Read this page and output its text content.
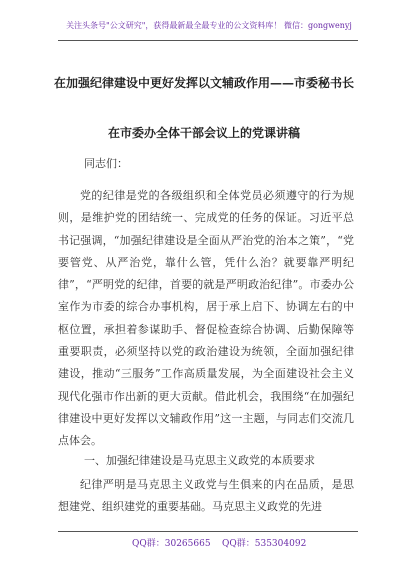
关注头条号"公文研究"，获得最新最全最专业的公文资料库！ 微信：gongwenyj
在加强纪律建设中更好发挥以文辅政作用——市委秘书长
在市委办全体干部会议上的党课讲稿
同志们：

党的纪律是党的各级组织和全体党员必须遵守的行为规则，是维护党的团结统一、完成党的任务的保证。习近平总书记强调，“加强纪律建设是全面从严治党的治本之策”，“党要管党、从严治党，靠什么管，凭什么治？就要靠严明纪律”，“严明党的纪律，首要的就是严明政治纪律”。市委办公室作为市委的综合办事机构，居于承上启下、协调左右的中枢位置，承担着参谋助手、督促检查综合协调、后勤保障等重要职责，必须坚持以党的政治建设为统领，全面加强纪律建设，推动“三服务”工作高质量发展，为全面建设社会主义现代化强市作出新的更大贡献。借此机会，我围绕“在加强纪律建设中更好发挥以文辅政作用”这一主题，与同志们交流几点体会。

一、加强纪律建设是马克思主义政党的本质要求

纪律严明是马克思主义政党与生俱来的内在品质，是思想建党、组织建党的重要基础。马克思主义政党的先进

QQ群：30265665 QQ群：535304092
